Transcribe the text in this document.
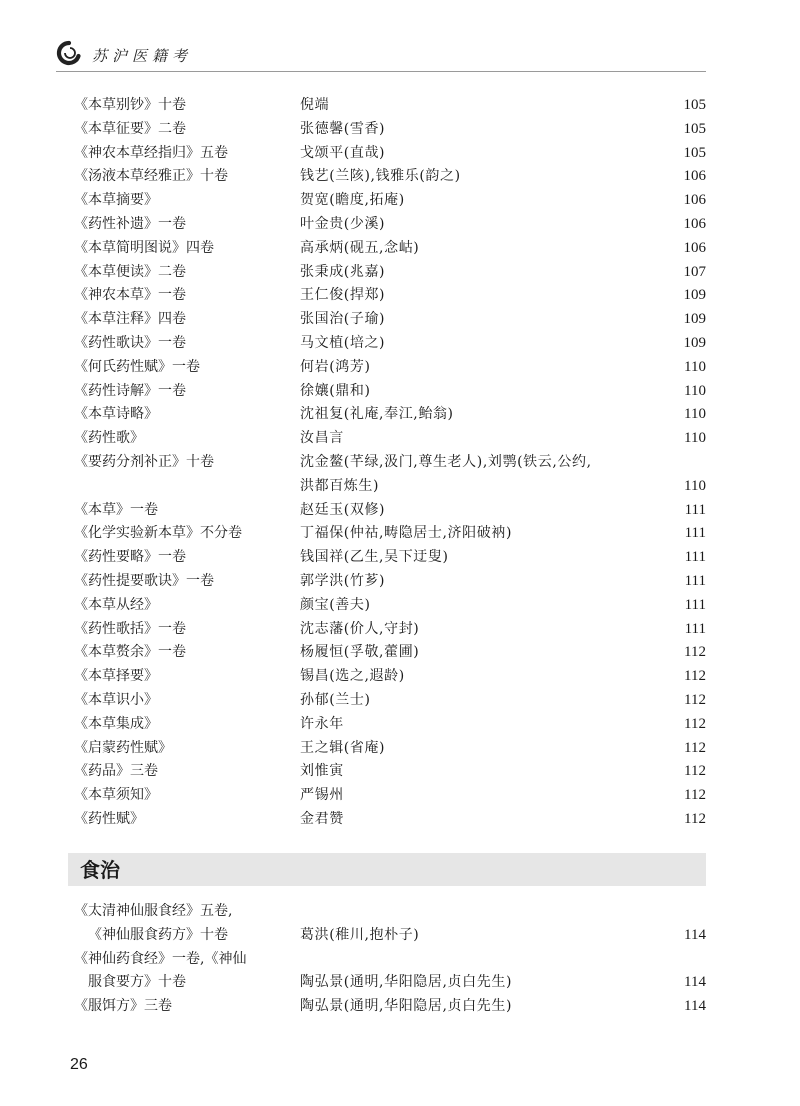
苏沪医籍考
《本草别钞》十卷	倪端	105
《本草征要》二卷	张德馨(雪香)	105
《神农本草经指归》五卷	戈颂平(直哉)	105
《汤液本草经雅正》十卷	钱艺(兰陔),钱雅乐(韵之)	106
《本草摘要》	贺宽(瞻度,拓庵)	106
《药性补遗》一卷	叶金贵(少溪)	106
《本草简明图说》四卷	高承炳(砚五,念岵)	106
《本草便读》二卷	张秉成(兆嘉)	107
《神农本草》一卷	王仁俊(捍郑)	109
《本草注释》四卷	张国治(子瑜)	109
《药性歌诀》一卷	马文植(培之)	109
《何氏药性赋》一卷	何岩(鸿芳)	110
《药性诗解》一卷	徐孃(鼎和)	110
《本草诗略》	沈祖复(礼庵,奉江,鲐翁)	110
《药性歌》	汝昌言	110
《要药分剂补正》十卷	沈金鳌(芊绿,汲门,尊生老人),刘鹗(铁云,公约,
洪都百炼生)	110
《本草》一卷	赵廷玉(双修)	111
《化学实验新本草》不分卷	丁福保(仲祜,畴隐居士,济阳破衲)	111
《药性要略》一卷	钱国祥(乙生,吴下迂叟)	111
《药性提要歌诀》一卷	郭学洪(竹芗)	111
《本草从经》	颜宝(善夫)	111
《药性歌括》一卷	沈志藩(价人,守封)	111
《本草赘余》一卷	杨履恒(孚敬,藿圃)	112
《本草择要》	锡昌(选之,遐龄)	112
《本草识小》	孙郁(兰士)	112
《本草集成》	许永年	112
《启蒙药性赋》	王之辑(省庵)	112
《药品》三卷	刘惟寅	112
《本草须知》	严锡州	112
《药性赋》	金君赞	112
食治
《太清神仙服食经》五卷,
《神仙服食药方》十卷	葛洪(稚川,抱朴子)	114
《神仙药食经》一卷,《神仙
服食要方》十卷	陶弘景(通明,华阳隐居,贞白先生)	114
《服饵方》三卷	陶弘景(通明,华阳隐居,贞白先生)	114
26
